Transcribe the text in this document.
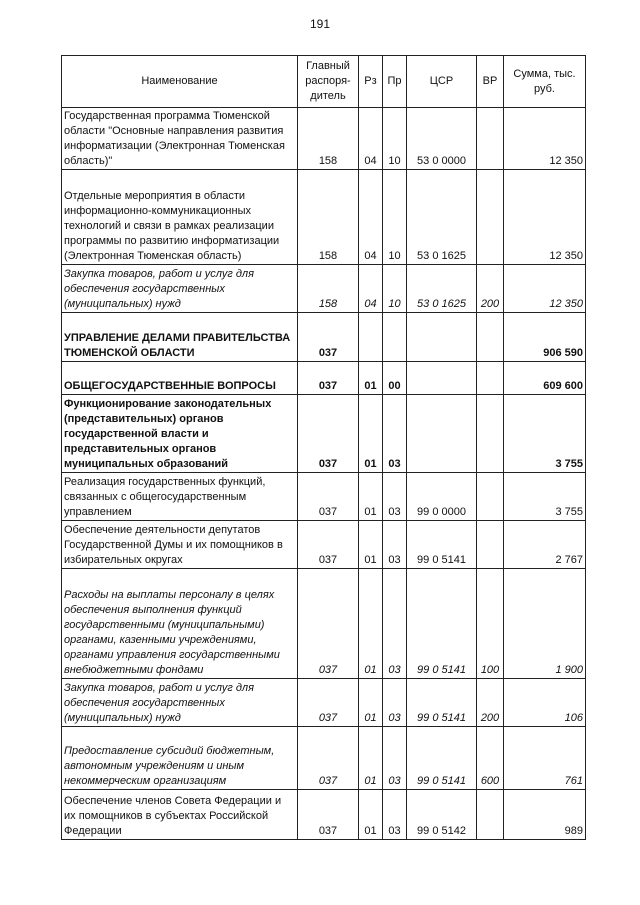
191
Наименование	Главный распоря-дитель	Рз	Пр	ЦСР	ВР	Сумма, тыс. руб.
Государственная программа Тюменской области "Основные направления развития информатизации (Электронная Тюменская область)"	158	04	10	53 0 0000		12 350
Отдельные мероприятия в области информационно-коммуникационных технологий и связи в рамках реализации программы по развитию информатизации (Электронная Тюменская область)	158	04	10	53 0 1625		12 350
Закупка товаров, работ и услуг для обеспечения государственных (муниципальных) нужд	158	04	10	53 0 1625	200	12 350
УПРАВЛЕНИЕ ДЕЛАМИ ПРАВИТЕЛЬСТВА ТЮМЕНСКОЙ ОБЛАСТИ	037					906 590
ОБЩЕГОСУДАРСТВЕННЫЕ ВОПРОСЫ	037	01	00			609 600
Функционирование законодательных (представительных) органов государственной власти и представительных органов муниципальных образований	037	01	03			3 755
Реализация государственных функций, связанных с общегосударственным управлением	037	01	03	99 0 0000		3 755
Обеспечение деятельности депутатов Государственной Думы и их помощников в избирательных округах	037	01	03	99 0 5141		2 767
Расходы на выплаты персоналу в целях обеспечения выполнения функций государственными (муниципальными) органами, казенными учреждениями, органами управления государственными внебюджетными фондами	037	01	03	99 0 5141	100	1 900
Закупка товаров, работ и услуг для обеспечения государственных (муниципальных) нужд	037	01	03	99 0 5141	200	106
Предоставление субсидий бюджетным, автономным учреждениям и иным некоммерческим организациям	037	01	03	99 0 5141	600	761
Обеспечение членов Совета Федерации и их помощников в субъектах Российской Федерации	037	01	03	99 0 5142		989
